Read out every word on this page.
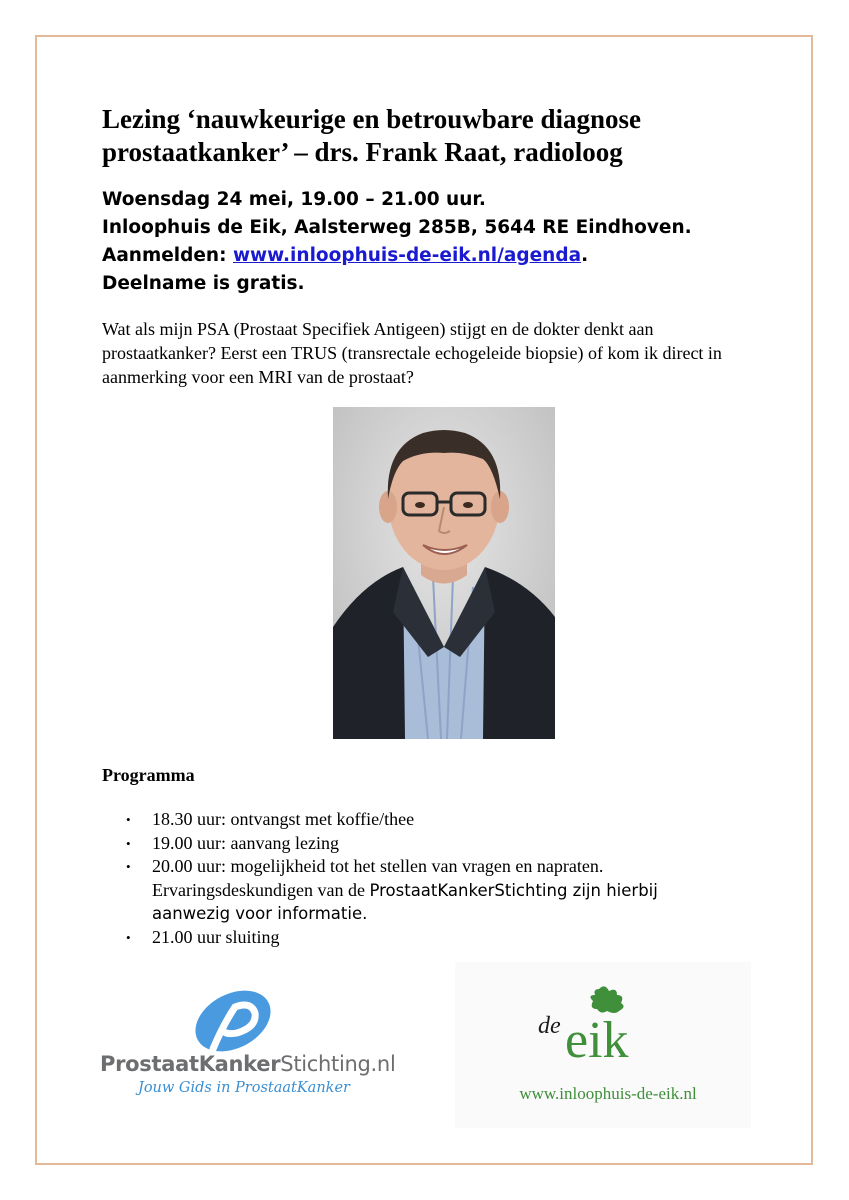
Lezing ‘nauwkeurige en betrouwbare diagnose prostaatkanker’ – drs. Frank Raat, radioloog
Woensdag 24 mei, 19.00 – 21.00 uur.
Inloophuis de Eik, Aalsterweg 285B, 5644 RE Eindhoven.
Aanmelden: www.inloophuis-de-eik.nl/agenda.
Deelname is gratis.

Wat als mijn PSA (Prostaat Specifiek Antigeen) stijgt en de dokter denkt aan prostaatkanker? Eerst een TRUS (transrectale echogeleide biopsie) of kom ik direct in aanmerking voor een MRI van de prostaat?

Programma
• 18.30 uur: ontvangst met koffie/thee
• 19.00 uur: aanvang lezing
• 20.00 uur: mogelijkheid tot het stellen van vragen en napraten. Ervaringsdeskundigen van de ProstaatKankerStichting zijn hierbij aanwezig voor informatie.
• 21.00 uur sluiting
ProstaatKankerStichting.nl
Jouw Gids in ProstaatKanker
de eik
www.inloophuis-de-eik.nl
